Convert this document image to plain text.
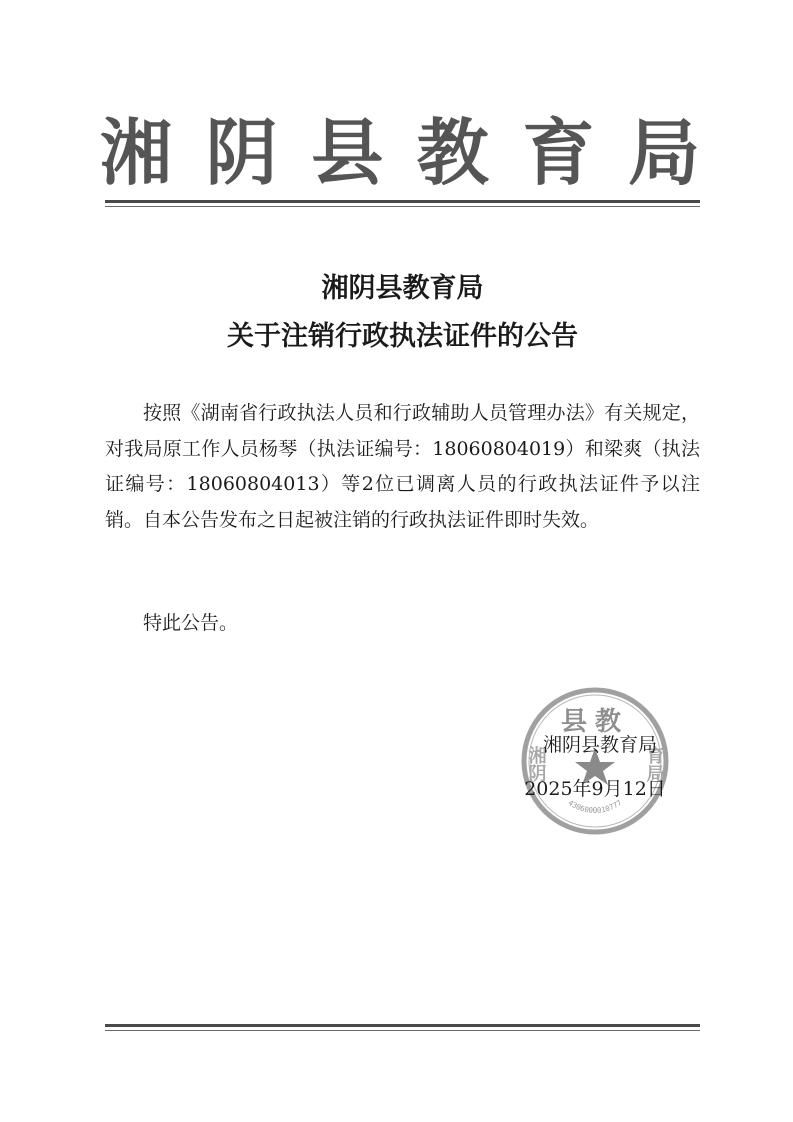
湘 阴 县 教 育 局
湘阴县教育局
关于注销行政执法证件的公告

按照《湖南省行政执法人员和行政辅助人员管理办法》有关规定，对我局原工作人员杨琴（执法证编号：18060804019）和梁爽（执法证编号：18060804013）等2位已调离人员的行政执法证件予以注销。自本公告发布之日起被注销的行政执法证件即时失效。

特此公告。

县教
湘阴	育局
4306000010777

湘阴县教育局

2025年9月12日
